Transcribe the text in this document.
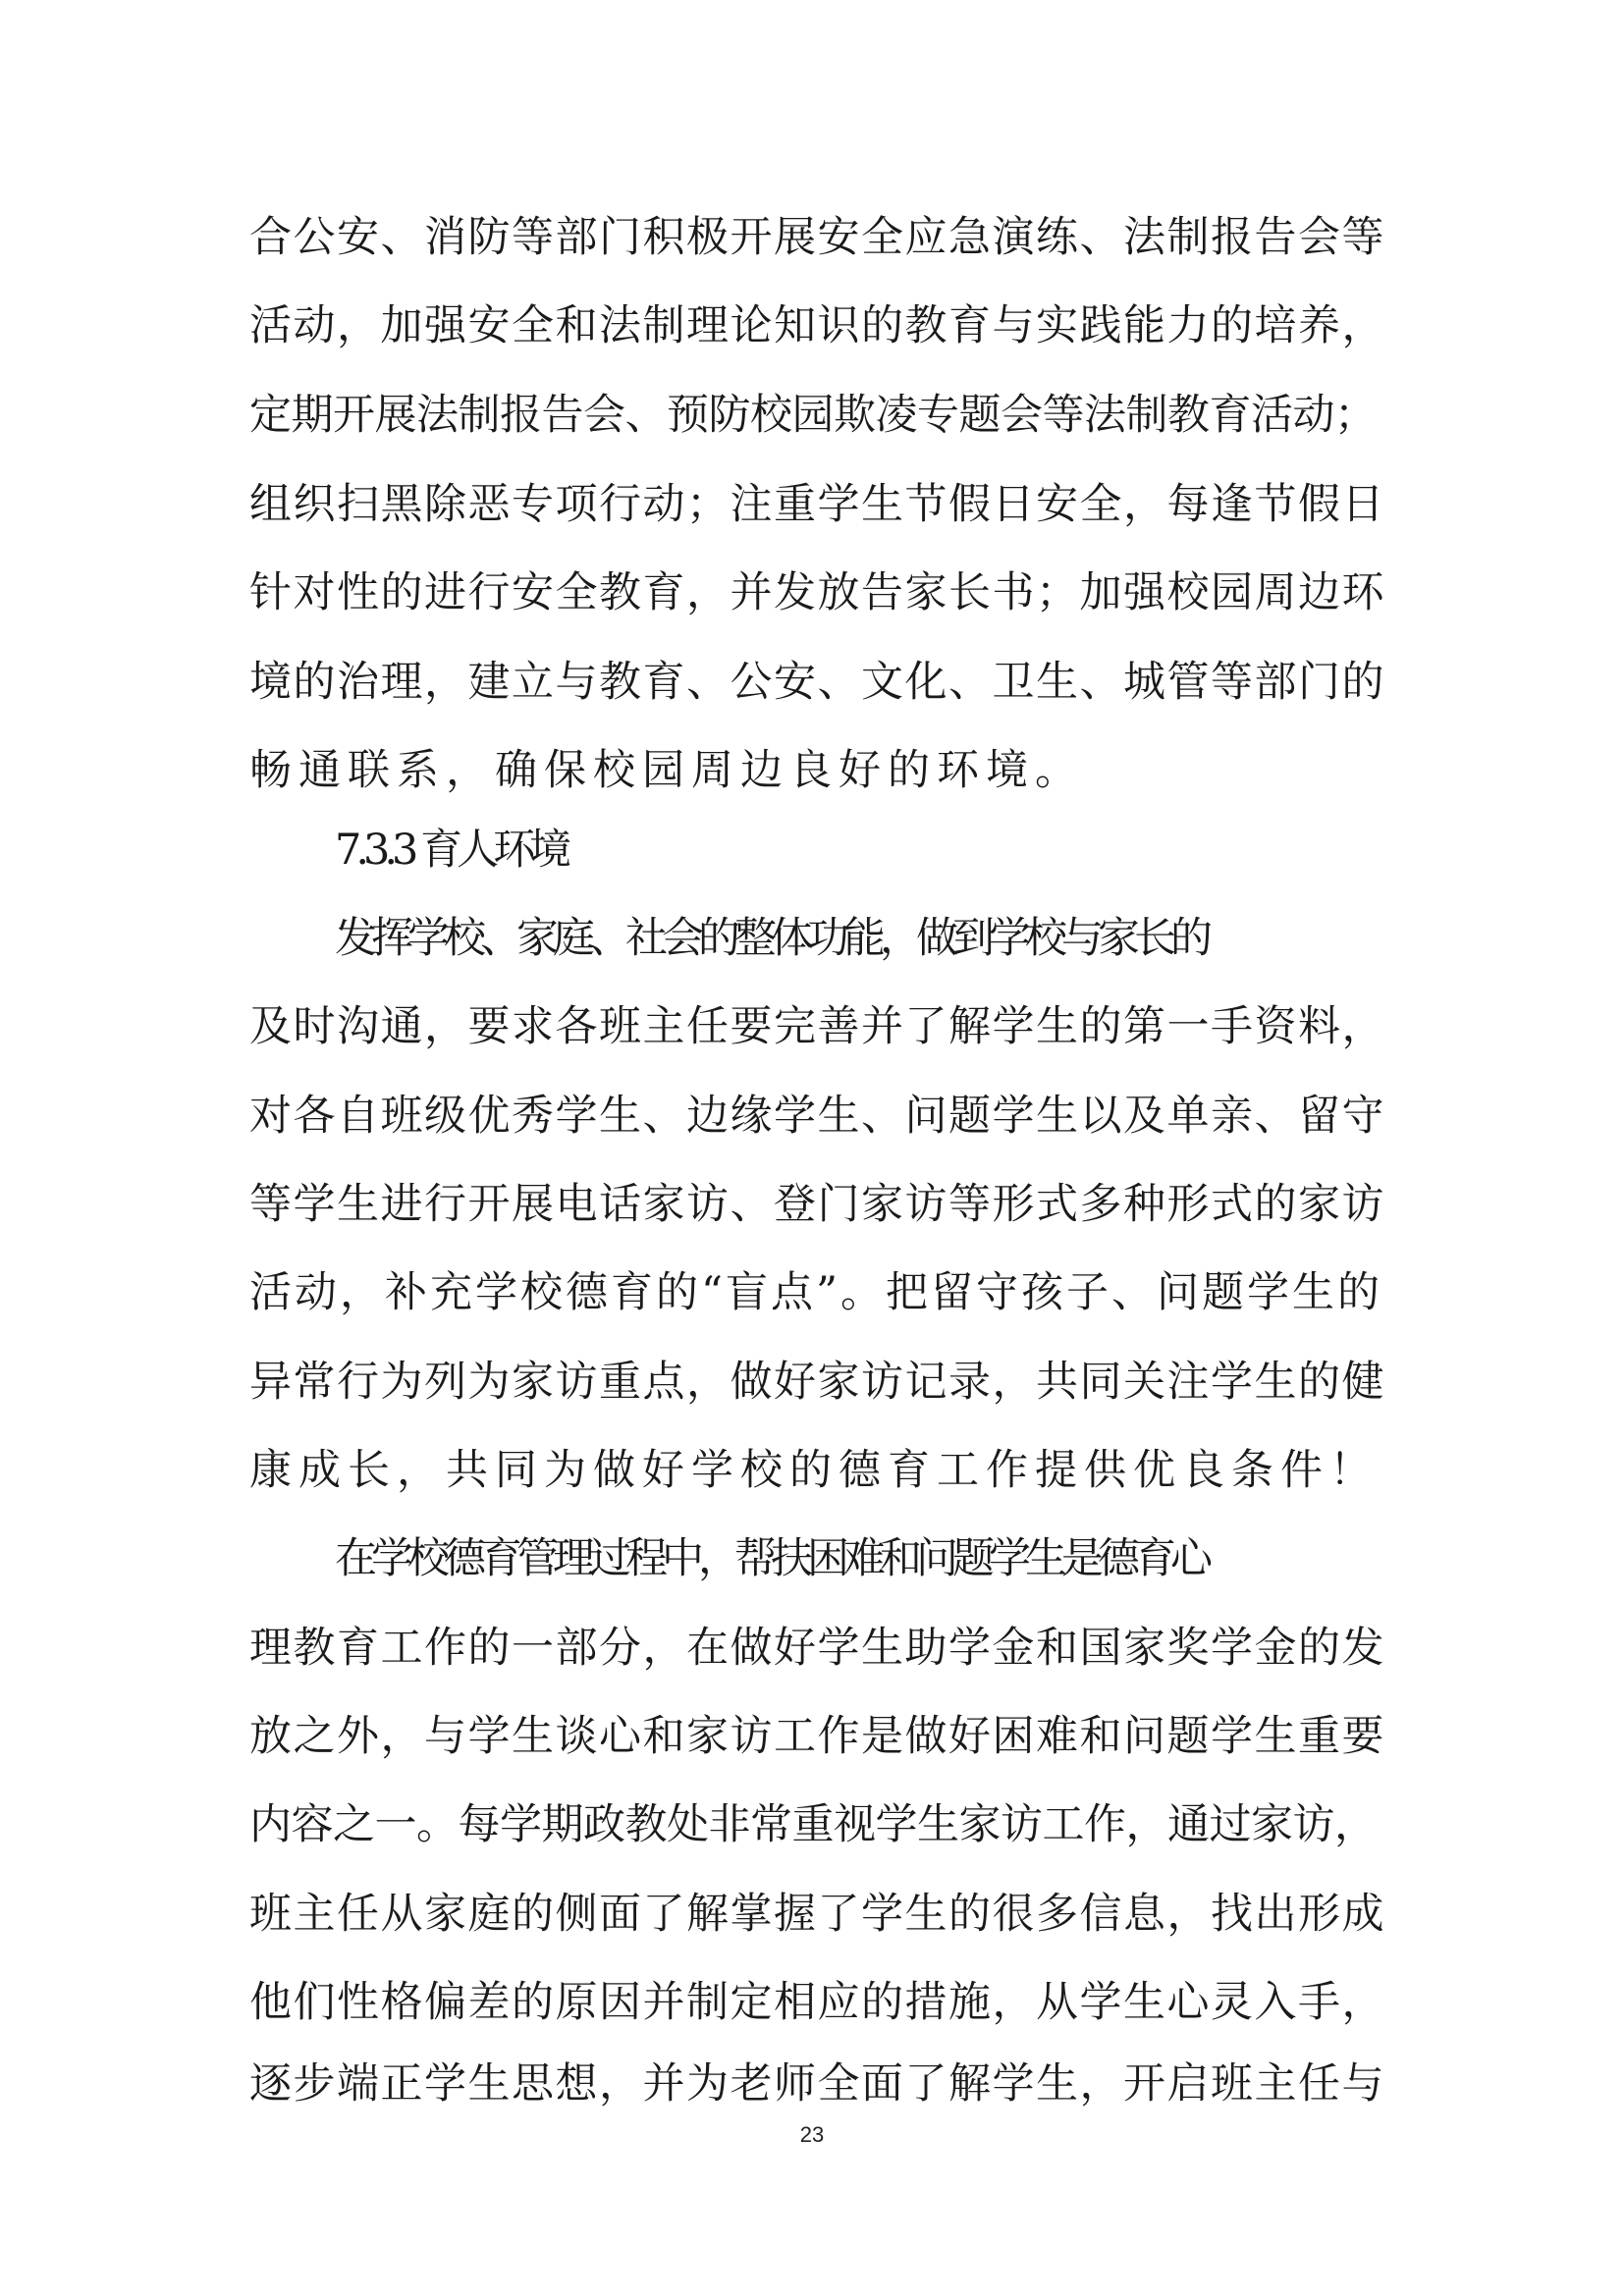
合公安、消防等部门积极开展安全应急演练、法制报告会等
活动，加强安全和法制理论知识的教育与实践能力的培养，
定期开展法制报告会、预防校园欺凌专题会等法制教育活动；
组织扫黑除恶专项行动；注重学生节假日安全，每逢节假日
针对性的进行安全教育，并发放告家长书；加强校园周边环
境的治理，建立与教育、公安、文化、卫生、城管等部门的
畅通联系，确保校园周边良好的环境。
7.3.3 育人环境
发挥学校、家庭、社会的整体功能，做到学校与家长的
及时沟通，要求各班主任要完善并了解学生的第一手资料，
对各自班级优秀学生、边缘学生、问题学生以及单亲、留守
等学生进行开展电话家访、登门家访等形式多种形式的家访
活动，补充学校德育的“盲点”。把留守孩子、问题学生的
异常行为列为家访重点，做好家访记录，共同关注学生的健
康成长，共同为做好学校的德育工作提供优良条件！
在学校德育管理过程中，帮扶困难和问题学生是德育心
理教育工作的一部分，在做好学生助学金和国家奖学金的发
放之外，与学生谈心和家访工作是做好困难和问题学生重要
内容之一。每学期政教处非常重视学生家访工作，通过家访，
班主任从家庭的侧面了解掌握了学生的很多信息，找出形成
他们性格偏差的原因并制定相应的措施，从学生心灵入手，
逐步端正学生思想，并为老师全面了解学生，开启班主任与
23
